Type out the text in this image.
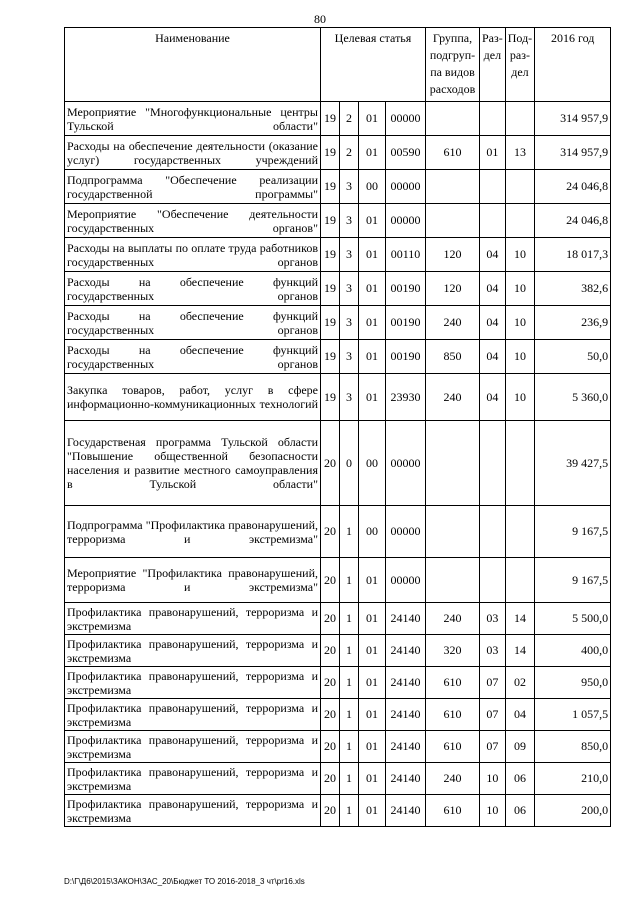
80
Наименование	Целевая статья				Группа, подгруп-па видов расходов	Раз-дел	Под-раз-дел	2016 год

Мероприятие "Многофункциональные центры Тульской области"	19	2	01	00000				314 957,9

Расходы на обеспечение деятельности (оказание услуг) государственных учреждений	19	2	01	00590	610	01	13	314 957,9

Подпрограмма "Обеспечение реализации государственной программы"	19	3	00	00000				24 046,8

Мероприятие "Обеспечение деятельности государственных органов"	19	3	01	00000				24 046,8

Расходы на выплаты по оплате труда работников государственных органов	19	3	01	00110	120	04	10	18 017,3

Расходы на обеспечение функций государственных органов	19	3	01	00190	120	04	10	382,6

Расходы на обеспечение функций государственных органов	19	3	01	00190	240	04	10	236,9

Расходы на обеспечение функций государственных органов	19	3	01	00190	850	04	10	50,0

Закупка товаров, работ, услуг в сфере информационно-коммуникационных технологий	19	3	01	23930	240	04	10	5 360,0

Государственая программа Тульской области "Повышение общественной безопасности населения и развитие местного самоуправления в Тульской области"	20	0	00	00000				39 427,5

Подпрограмма "Профилактика правонарушений, терроризма и экстремизма"	20	1	00	00000				9 167,5

Мероприятие "Профилактика правонарушений, терроризма и экстремизма"	20	1	01	00000				9 167,5

Профилактика правонарушений, терроризма и экстремизма	20	1	01	24140	240	03	14	5 500,0

Профилактика правонарушений, терроризма и экстремизма	20	1	01	24140	320	03	14	400,0

Профилактика правонарушений, терроризма и экстремизма	20	1	01	24140	610	07	02	950,0

Профилактика правонарушений, терроризма и экстремизма	20	1	01	24140	610	07	04	1 057,5

Профилактика правонарушений, терроризма и экстремизма	20	1	01	24140	610	07	09	850,0

Профилактика правонарушений, терроризма и экстремизма	20	1	01	24140	240	10	06	210,0

Профилактика правонарушений, терроризма и экстремизма	20	1	01	24140	610	10	06	200,0
D:\Г\Д6\2015\ЗАКОН\ЗАС_20\Бюджет ТО 2016-2018_3 чт\pr16.xls
